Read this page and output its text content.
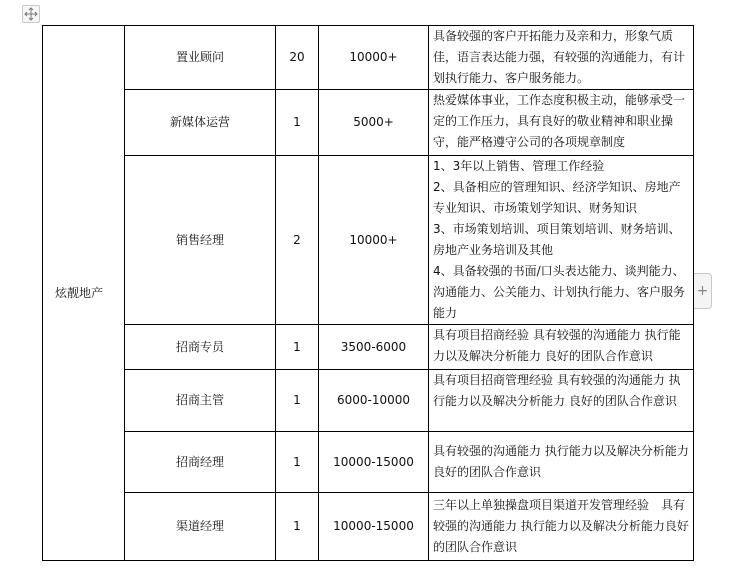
+
炫靓地产	置业顾问	20	10000+	具备较强的客户开拓能力及亲和力，形象气质佳，语言表达能力强，有较强的沟通能力，有计划执行能力、客户服务能力。

	新媒体运营	1	5000+	热爱媒体事业，工作态度积极主动，能够承受一定的工作压力，具有良好的敬业精神和职业操守，能严格遵守公司的各项规章制度

	销售经理	2	10000+	1、3年以上销售、管理工作经验
2、具备相应的管理知识、经济学知识、房地产专业知识、市场策划学知识、财务知识
3、市场策划培训、项目策划培训、财务培训、房地产业务培训及其他
4、具备较强的书面/口头表达能力、谈判能力、沟通能力、公关能力、计划执行能力、客户服务能力

	招商专员	1	3500-6000	具有项目招商经验 具有较强的沟通能力 执行能力以及解决分析能力 良好的团队合作意识

	招商主管	1	6000-10000	具有项目招商管理经验 具有较强的沟通能力 执行能力以及解决分析能力 良好的团队合作意识

	招商经理	1	10000-15000	具有较强的沟通能力 执行能力以及解决分析能力 良好的团队合作意识

	渠道经理	1	10000-15000	三年以上单独操盘项目渠道开发管理经验　具有较强的沟通能力 执行能力以及解决分析能力良好的团队合作意识
